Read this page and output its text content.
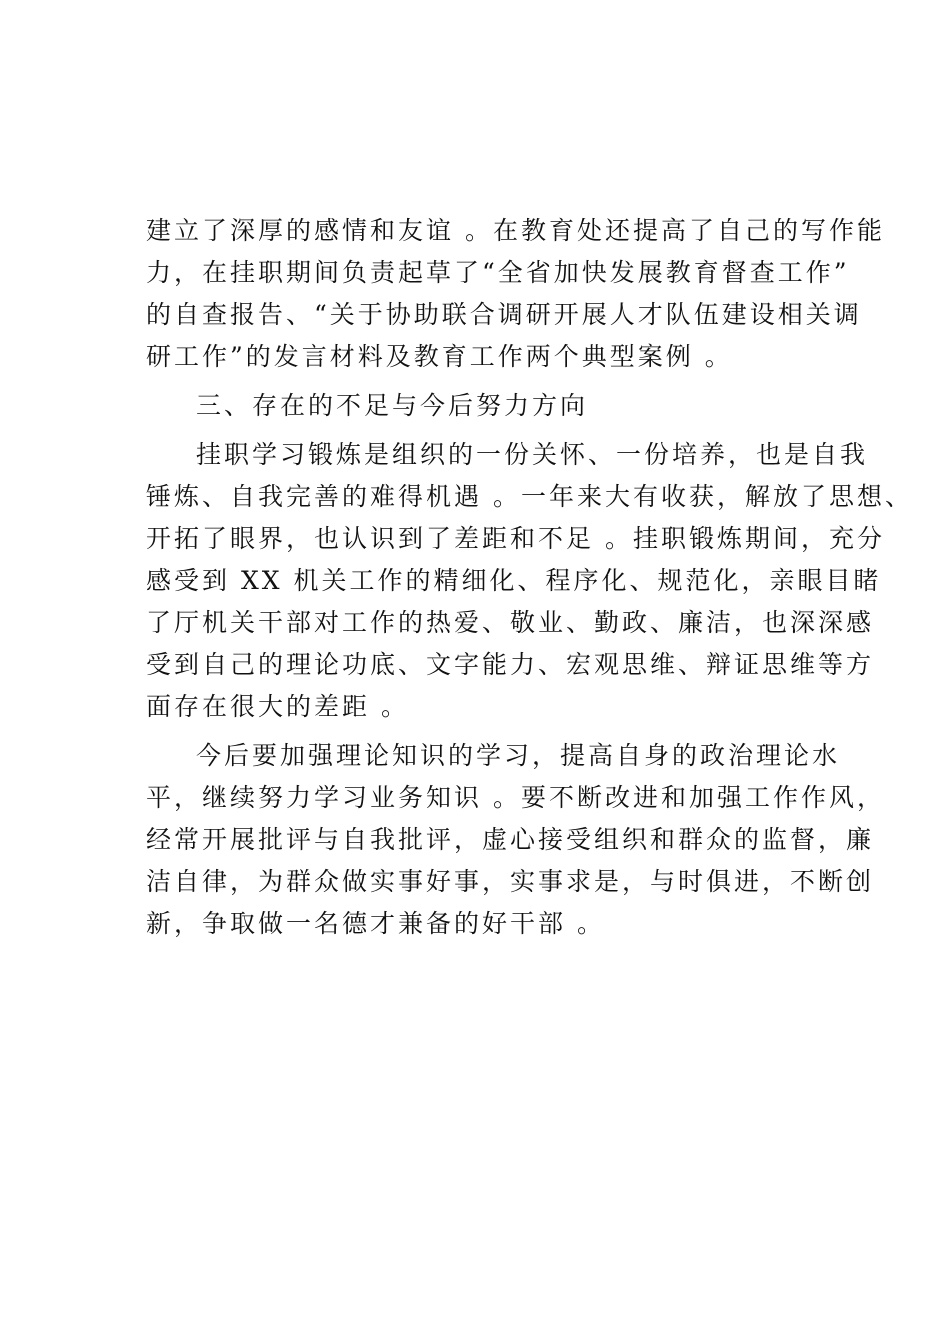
建立了深厚的感情和友谊 。在教育处还提高了自己的写作能
力，在挂职期间负责起草了“全省加快发展教育督查工作”
的自查报告、“关于协助联合调研开展人才队伍建设相关调
研工作”的发言材料及教育工作两个典型案例 。
三、存在的不足与今后努力方向
挂职学习锻炼是组织的一份关怀、一份培养，也是自我
锤炼、自我完善的难得机遇 。一年来大有收获，解放了思想、
开拓了眼界，也认识到了差距和不足 。挂职锻炼期间，充分
感受到 XX 机关工作的精细化、程序化、规范化，亲眼目睹
了厅机关干部对工作的热爱、敬业、勤政、廉洁，也深深感
受到自己的理论功底、文字能力、宏观思维、辩证思维等方
面存在很大的差距 。
今后要加强理论知识的学习，提高自身的政治理论水
平，继续努力学习业务知识 。要不断改进和加强工作作风，
经常开展批评与自我批评，虚心接受组织和群众的监督，廉
洁自律，为群众做实事好事，实事求是，与时俱进，不断创
新，争取做一名德才兼备的好干部 。
